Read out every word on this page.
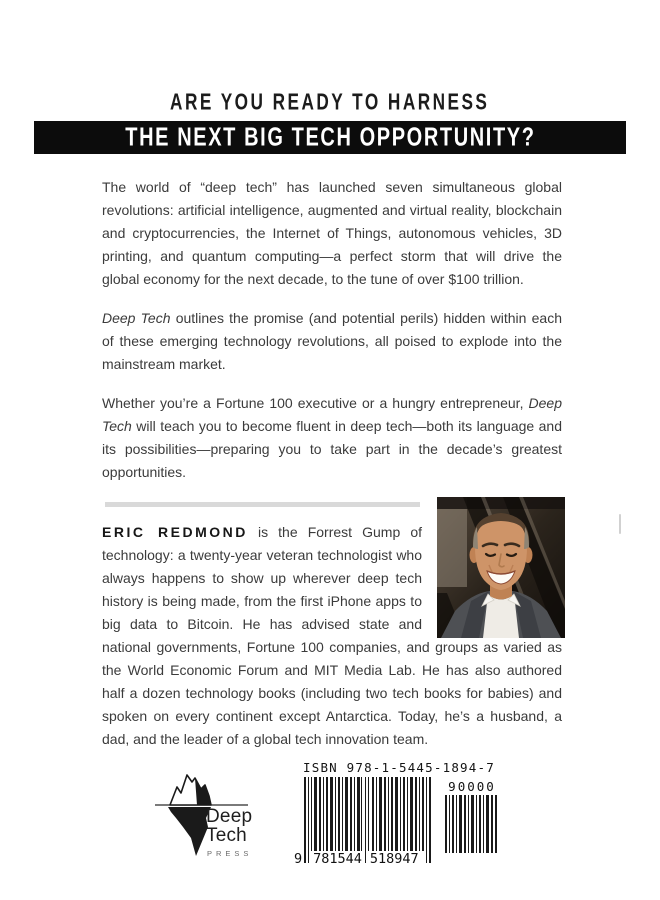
ARE YOU READY TO HARNESS
THE NEXT BIG TECH OPPORTUNITY?

The world of “deep tech” has launched seven simultaneous global revolutions: artificial intelligence, augmented and virtual reality, blockchain and cryptocurrencies, the Internet of Things, autonomous vehicles, 3D printing, and quantum computing—a perfect storm that will drive the global economy for the next decade, to the tune of over $100 trillion.

Deep Tech outlines the promise (and potential perils) hidden within each of these emerging technology revolutions, all poised to explode into the mainstream market.

Whether you’re a Fortune 100 executive or a hungry entrepreneur, Deep Tech will teach you to become fluent in deep tech—both its language and its possibilities—preparing you to take part in the decade’s greatest opportunities.

ERIC REDMOND is the Forrest Gump of technology: a twenty-year veteran technologist who always happens to show up wherever deep tech history is being made, from the first iPhone apps to big data to Bitcoin. He has advised state and national governments, Fortune 100 companies, and groups as varied as the World Economic Forum and MIT Media Lab. He has also authored half a dozen technology books (including two tech books for babies) and spoken on every continent except Antarctica. Today, he’s a husband, a dad, and the leader of a global tech innovation team.
Deep
Tech
PRESS
ISBN 978-1-5445-1894-7
9 781544 518947
90000
